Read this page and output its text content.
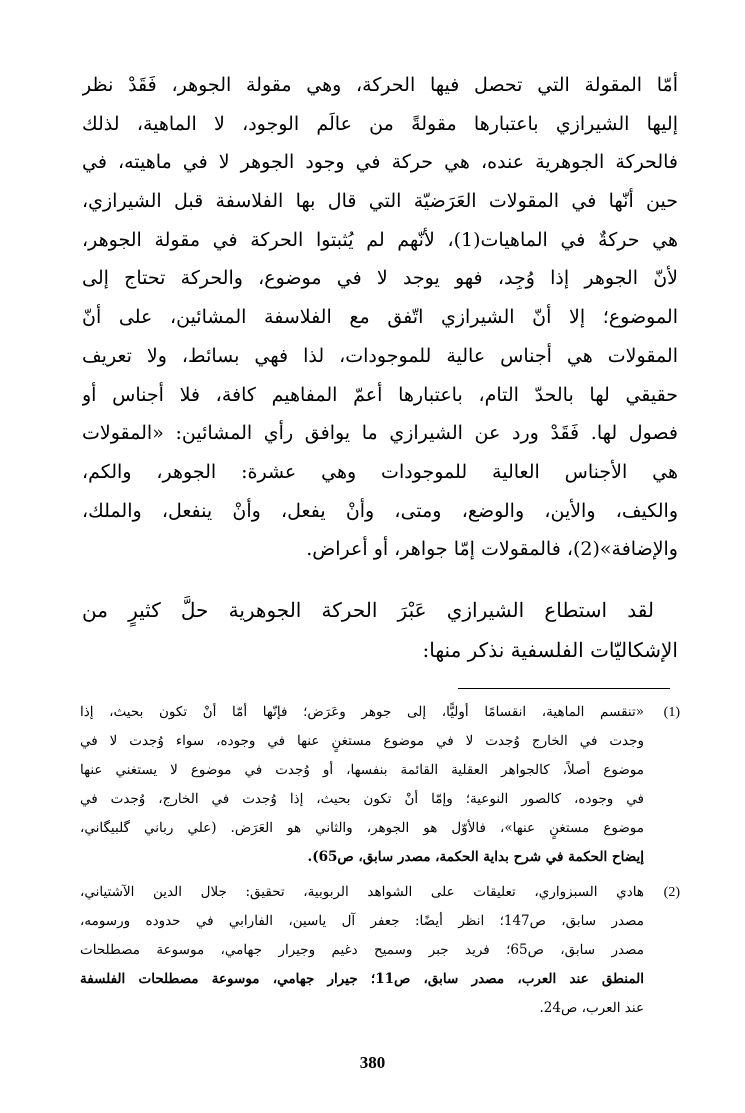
أمّا المقولة التي تحصل فيها الحركة، وهي مقولة الجوهر، فَقَدْ نظر
إليها الشيرازي باعتبارها مقولةً من عالَم الوجود، لا الماهية، لذلك
فالحركة الجوهرية عنده، هي حركة في وجود الجوهر لا في ماهيته، في
حين أنّها في المقولات العَرَضيّة التي قال بها الفلاسفة قبل الشيرازي،
هي حركةٌ في الماهيات(1)، لأنّهم لم يُثبتوا الحركة في مقولة الجوهر،
لأنّ الجوهر إذا وُجِد، فهو يوجد لا في موضوع، والحركة تحتاج إلى
الموضوع؛ إلا أنّ الشيرازي اتّفق مع الفلاسفة المشائين، على أنّ
المقولات هي أجناس عالية للموجودات، لذا فهي بسائط، ولا تعريف
حقيقي لها بالحدّ التام، باعتبارها أعمّ المفاهيم كافة، فلا أجناس أو
فصول لها. فَقَدْ ورد عن الشيرازي ما يوافق رأي المشائين: «المقولات
هي الأجناس العالية للموجودات وهي عشرة: الجوهر، والكم،
والكيف، والأين، والوضع، ومتى، وأنْ يفعل، وأنْ ينفعل، والملك،
والإضافة»(2)، فالمقولات إمّا جواهر، أو أعراض.
لقد استطاع الشيرازي عَبْرَ الحركة الجوهرية حلَّ كثيرٍ من
الإشكاليّات الفلسفية نذكر منها:
(1)
«تنقسم الماهية، انقسامًا أوليًّا، إلى جوهر وعَرَض؛ فإنّها أمّا أنْ تكون بحيث، إذا
وجدت في الخارج وُجدت لا في موضوع مستغنٍ عنها في وجوده، سواء وُجدت لا في
موضوع أصلاً، كالجواهر العقلية القائمة بنفسها، أو وُجدت في موضوع لا يستغني عنها
في وجوده، كالصور النوعية؛ وإمّا أنْ تكون بحيث، إذا وُجدت في الخارج، وُجدت في
موضوع مستغنٍ عنها»، فالأوّل هو الجوهر، والثاني هو العَرَض. (علي رباني گلبيگاني،
إيضاح الحكمة في شرح بداية الحكمة، مصدر سابق، ص65).
(2)
هادي السبزواري، تعليقات على الشواهد الربوبية، تحقيق: جلال الدين الآشتياني،
مصدر سابق، ص147؛ انظر أيضًا: جعفر آل ياسين، الفارابي في حدوده ورسومه،
مصدر سابق، ص65؛ فريد جبر وسميح دغيم وجيرار جهامي، موسوعة مصطلحات
المنطق عند العرب، مصدر سابق، ص11؛ جيرار جهامي، موسوعة مصطلحات الفلسفة
عند العرب، ص24.
380
